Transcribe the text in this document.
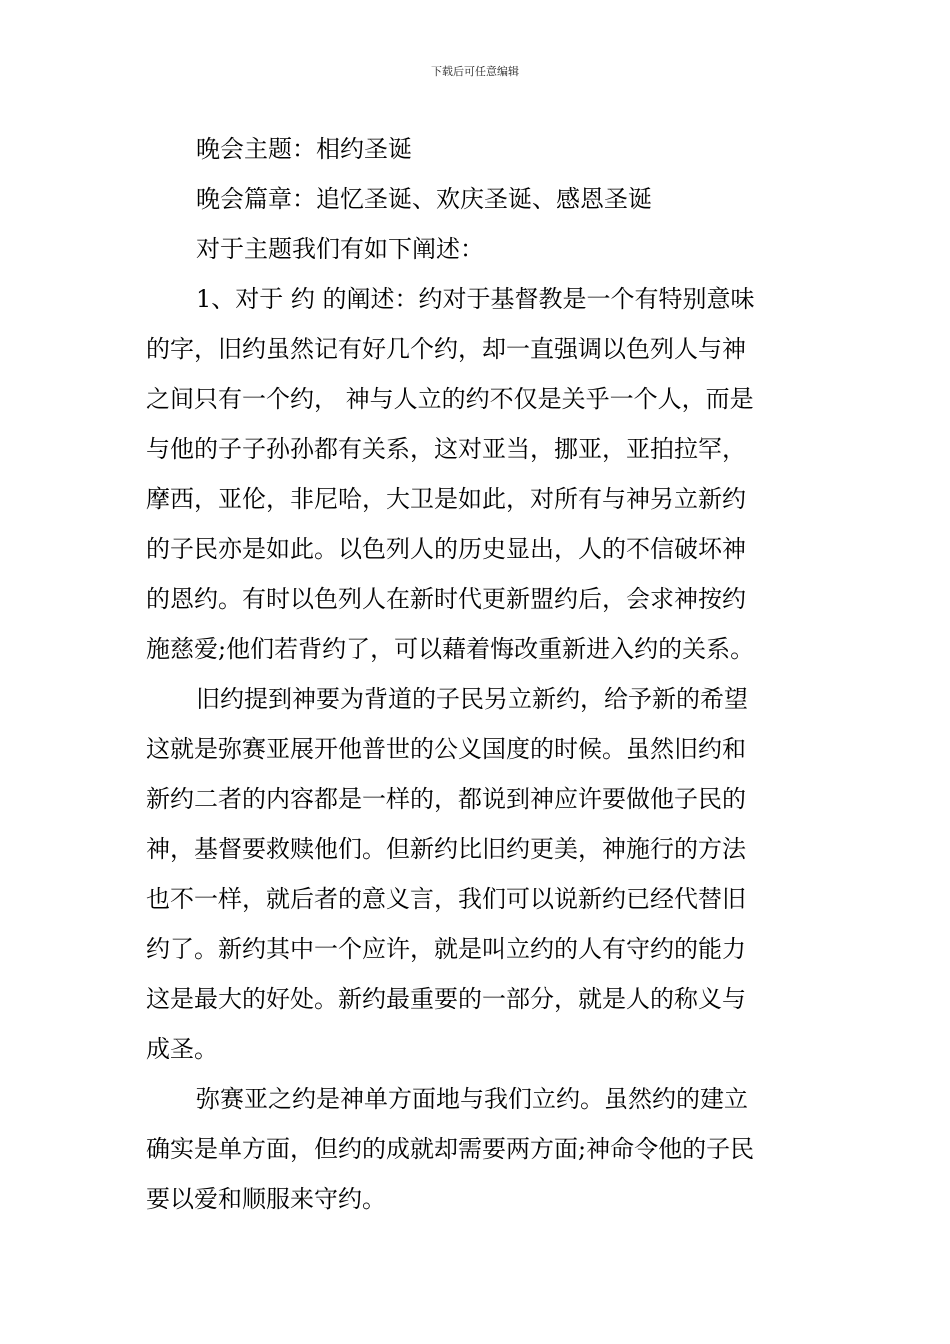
下载后可任意编辑

晚会主题：相约圣诞

晚会篇章：追忆圣诞、欢庆圣诞、感恩圣诞

对于主题我们有如下阐述：

1、对于 约 的阐述：约对于基督教是一个有特别意味
的字，旧约虽然记有好几个约，却一直强调以色列人与神
之间只有一个约， 神与人立的约不仅是关乎一个人，而是
与他的子子孙孙都有关系，这对亚当，挪亚，亚拍拉罕，
摩西，亚伦，非尼哈，大卫是如此，对所有与神另立新约
的子民亦是如此。以色列人的历史显出，人的不信破坏神
的恩约。有时以色列人在新时代更新盟约后，会求神按约
施慈爱;他们若背约了，可以藉着悔改重新进入约的关系。

旧约提到神要为背道的子民另立新约，给予新的希望
这就是弥赛亚展开他普世的公义国度的时候。虽然旧约和
新约二者的内容都是一样的，都说到神应许要做他子民的
神，基督要救赎他们。但新约比旧约更美，神施行的方法
也不一样，就后者的意义言，我们可以说新约已经代替旧
约了。新约其中一个应许，就是叫立约的人有守约的能力
这是最大的好处。新约最重要的一部分，就是人的称义与
成圣。

弥赛亚之约是神单方面地与我们立约。虽然约的建立
确实是单方面，但约的成就却需要两方面;神命令他的子民
要以爱和顺服来守约。
